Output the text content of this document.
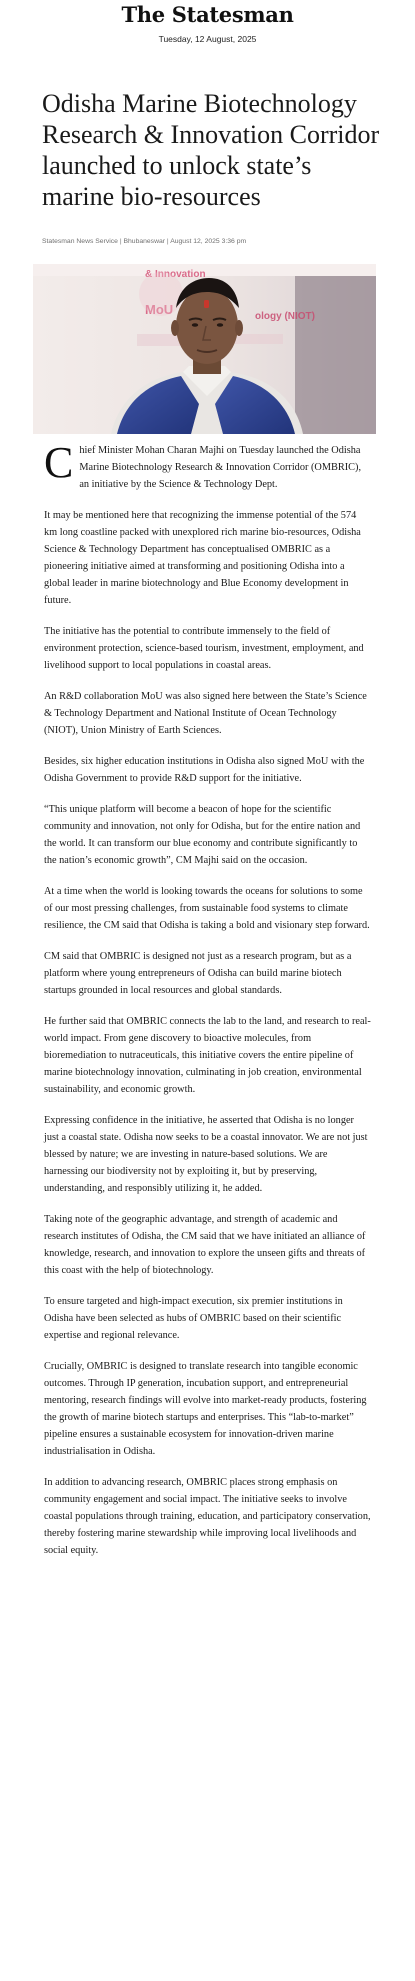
The Statesman
Tuesday, 12 August, 2025
Odisha Marine Biotechnology Research & Innovation Corridor launched to unlock state’s marine bio-resources
Statesman News Service | Bhubaneswar | August 12, 2025 3:36 pm
& Innovation
MoU	ology (NIOT)

Chief Minister Mohan Charan Majhi on Tuesday launched the Odisha Marine Biotechnology Research & Innovation Corridor (OMBRIC), an initiative by the Science & Technology Dept.

It may be mentioned here that recognizing the immense potential of the 574 km long coastline packed with unexplored rich marine bio-resources, Odisha Science & Technology Department has conceptualised OMBRIC as a pioneering initiative aimed at transforming and positioning Odisha into a global leader in marine biotechnology and Blue Economy development in future.

The initiative has the potential to contribute immensely to the field of environment protection, science-based tourism, investment, employment, and livelihood support to local populations in coastal areas.

An R&D collaboration MoU was also signed here between the State’s Science & Technology Department and National Institute of Ocean Technology (NIOT), Union Ministry of Earth Sciences.

Besides, six higher education institutions in Odisha also signed MoU with the Odisha Government to provide R&D support for the initiative.

“This unique platform will become a beacon of hope for the scientific community and innovation, not only for Odisha, but for the entire nation and the world. It can transform our blue economy and contribute significantly to the nation’s economic growth”, CM Majhi said on the occasion.

At a time when the world is looking towards the oceans for solutions to some of our most pressing challenges, from sustainable food systems to climate resilience, the CM said that Odisha is taking a bold and visionary step forward.

CM said that OMBRIC is designed not just as a research program, but as a platform where young entrepreneurs of Odisha can build marine biotech startups grounded in local resources and global standards.

He further said that OMBRIC connects the lab to the land, and research to real-world impact. From gene discovery to bioactive molecules, from bioremediation to nutraceuticals, this initiative covers the entire pipeline of marine biotechnology innovation, culminating in job creation, environmental sustainability, and economic growth.

Expressing confidence in the initiative, he asserted that Odisha is no longer just a coastal state. Odisha now seeks to be a coastal innovator. We are not just blessed by nature; we are investing in nature-based solutions. We are harnessing our biodiversity not by exploiting it, but by preserving, understanding, and responsibly utilizing it, he added.

Taking note of the geographic advantage, and strength of academic and research institutes of Odisha, the CM said that we have initiated an alliance of knowledge, research, and innovation to explore the unseen gifts and threats of this coast with the help of biotechnology.

To ensure targeted and high-impact execution, six premier institutions in Odisha have been selected as hubs of OMBRIC based on their scientific expertise and regional relevance.

Crucially, OMBRIC is designed to translate research into tangible economic outcomes. Through IP generation, incubation support, and entrepreneurial mentoring, research findings will evolve into market-ready products, fostering the growth of marine biotech startups and enterprises. This “lab-to-market” pipeline ensures a sustainable ecosystem for innovation-driven marine industrialisation in Odisha.

In addition to advancing research, OMBRIC places strong emphasis on community engagement and social impact. The initiative seeks to involve coastal populations through training, education, and participatory conservation, thereby fostering marine stewardship while improving local livelihoods and social equity.
